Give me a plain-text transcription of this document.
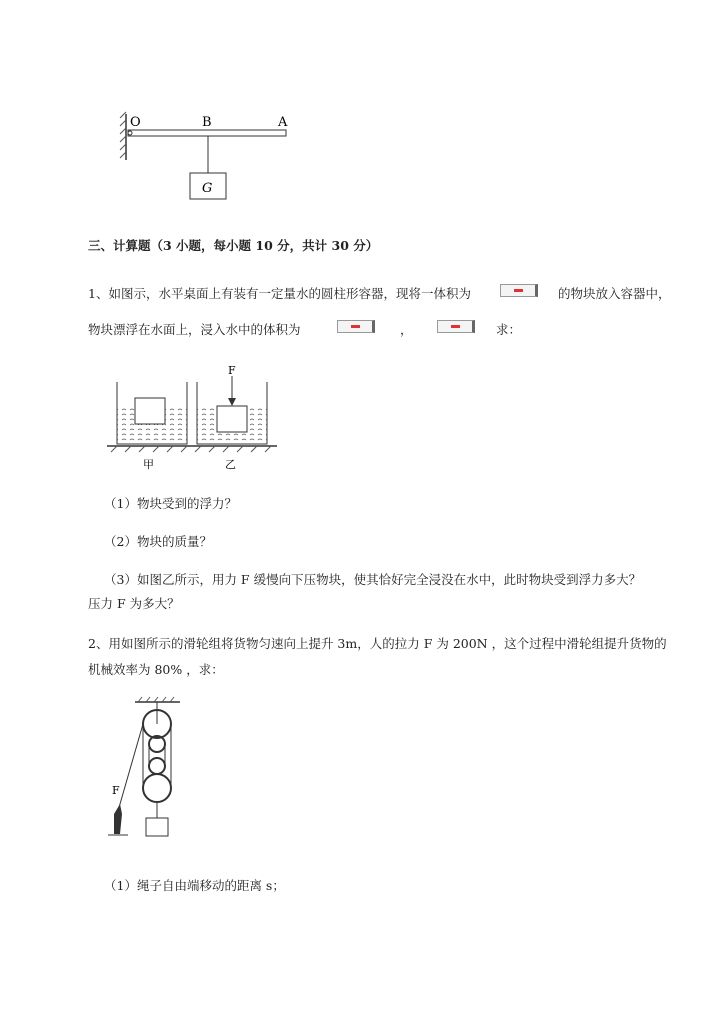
O	B	A
G
三、计算题（3 小题，每小题 10 分，共计 30 分）
1、如图示，水平桌面上有装有一定量水的圆柱形容器，现将一体积为	的物块放入容器中，
物块漂浮在水面上，浸入水中的体积为	，	求：
F
甲	乙
（1）物块受到的浮力？
（2）物块的质量？
（3）如图乙所示，用力 F 缓慢向下压物块，使其恰好完全浸没在水中，此时物块受到浮力多大？
压力 F 为多大？
2、用如图所示的滑轮组将货物匀速向上提升 3m，人的拉力 F 为 200N ，这个过程中滑轮组提升货物的
机械效率为 80% ，求：
F
（1）绳子自由端移动的距离 s；
